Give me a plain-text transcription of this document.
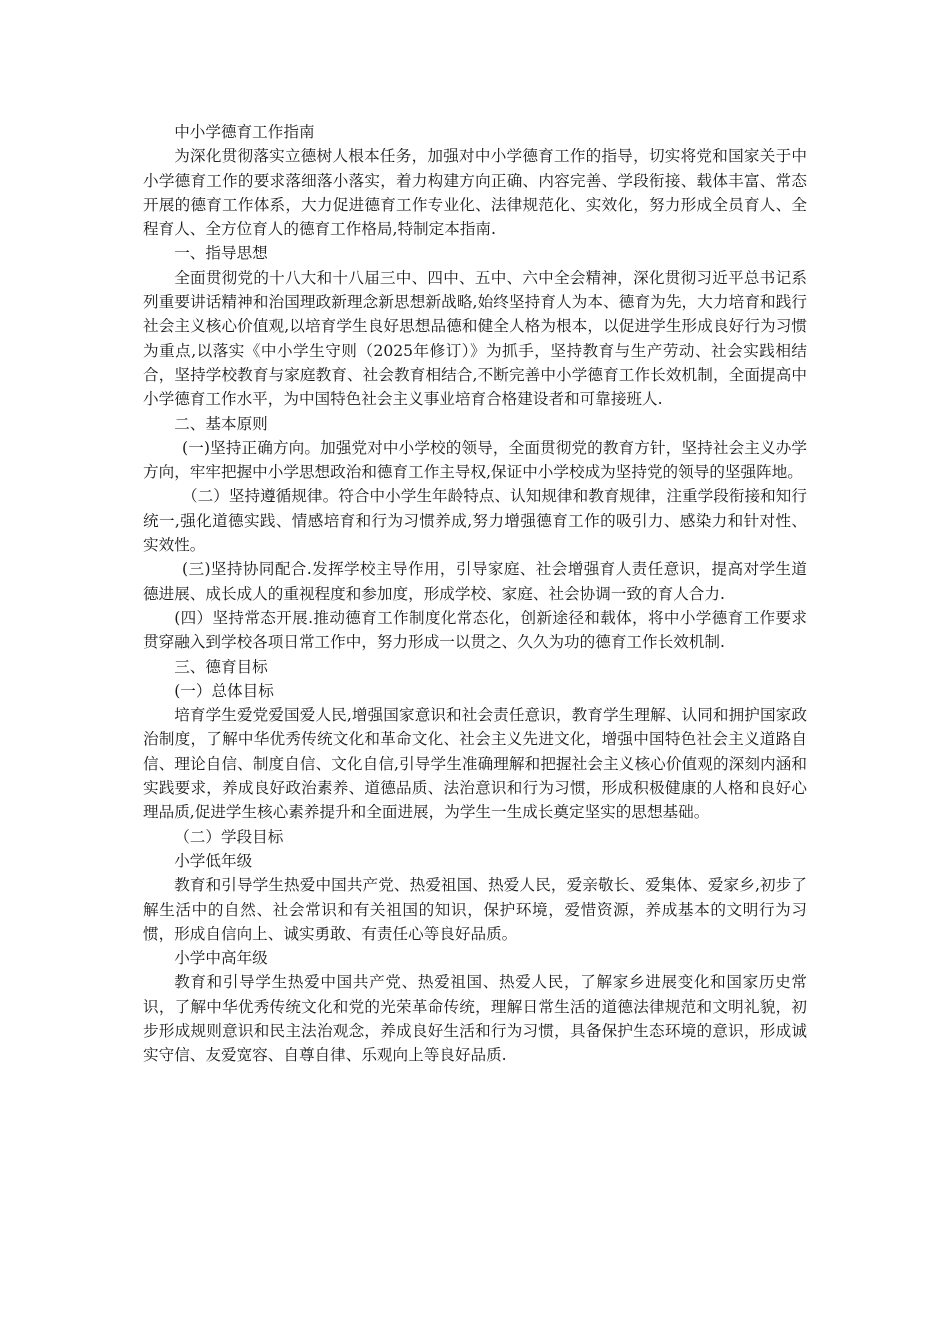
中小学德育工作指南

为深化贯彻落实立德树人根本任务，加强对中小学德育工作的指导，切实将党和国家关于中小学德育工作的要求落细落小落实，着力构建方向正确、内容完善、学段衔接、载体丰富、常态开展的德育工作体系，大力促进德育工作专业化、法律规范化、实效化，努力形成全员育人、全程育人、全方位育人的德育工作格局,特制定本指南.

一、指导思想

全面贯彻党的十八大和十八届三中、四中、五中、六中全会精神，深化贯彻习近平总书记系列重要讲话精神和治国理政新理念新思想新战略,始终坚持育人为本、德育为先，大力培育和践行社会主义核心价值观,以培育学生良好思想品德和健全人格为根本，以促进学生形成良好行为习惯为重点,以落实《中小学生守则（2025年修订）》为抓手，坚持教育与生产劳动、社会实践相结合，坚持学校教育与家庭教育、社会教育相结合,不断完善中小学德育工作长效机制，全面提高中小学德育工作水平，为中国特色社会主义事业培育合格建设者和可靠接班人.

二、基本原则

(一)坚持正确方向。加强党对中小学校的领导，全面贯彻党的教育方针，坚持社会主义办学方向，牢牢把握中小学思想政治和德育工作主导权,保证中小学校成为坚持党的领导的坚强阵地。

（二）坚持遵循规律。符合中小学生年龄特点、认知规律和教育规律，注重学段衔接和知行统一,强化道德实践、情感培育和行为习惯养成,努力增强德育工作的吸引力、感染力和针对性、实效性。

(三)坚持协同配合.发挥学校主导作用，引导家庭、社会增强育人责任意识，提高对学生道德进展、成长成人的重视程度和参加度，形成学校、家庭、社会协调一致的育人合力.

(四）坚持常态开展.推动德育工作制度化常态化，创新途径和载体，将中小学德育工作要求贯穿融入到学校各项日常工作中，努力形成一以贯之、久久为功的德育工作长效机制.

三、德育目标

(一）总体目标

培育学生爱党爱国爱人民,增强国家意识和社会责任意识，教育学生理解、认同和拥护国家政治制度，了解中华优秀传统文化和革命文化、社会主义先进文化，增强中国特色社会主义道路自信、理论自信、制度自信、文化自信,引导学生准确理解和把握社会主义核心价值观的深刻内涵和实践要求，养成良好政治素养、道德品质、法治意识和行为习惯，形成积极健康的人格和良好心理品质,促进学生核心素养提升和全面进展，为学生一生成长奠定坚实的思想基础。

（二）学段目标

小学低年级

教育和引导学生热爱中国共产党、热爱祖国、热爱人民，爱亲敬长、爱集体、爱家乡,初步了解生活中的自然、社会常识和有关祖国的知识，保护环境，爱惜资源，养成基本的文明行为习惯，形成自信向上、诚实勇敢、有责任心等良好品质。

小学中高年级

教育和引导学生热爱中国共产党、热爱祖国、热爱人民，了解家乡进展变化和国家历史常识，了解中华优秀传统文化和党的光荣革命传统，理解日常生活的道德法律规范和文明礼貌，初步形成规则意识和民主法治观念，养成良好生活和行为习惯，具备保护生态环境的意识，形成诚实守信、友爱宽容、自尊自律、乐观向上等良好品质.
